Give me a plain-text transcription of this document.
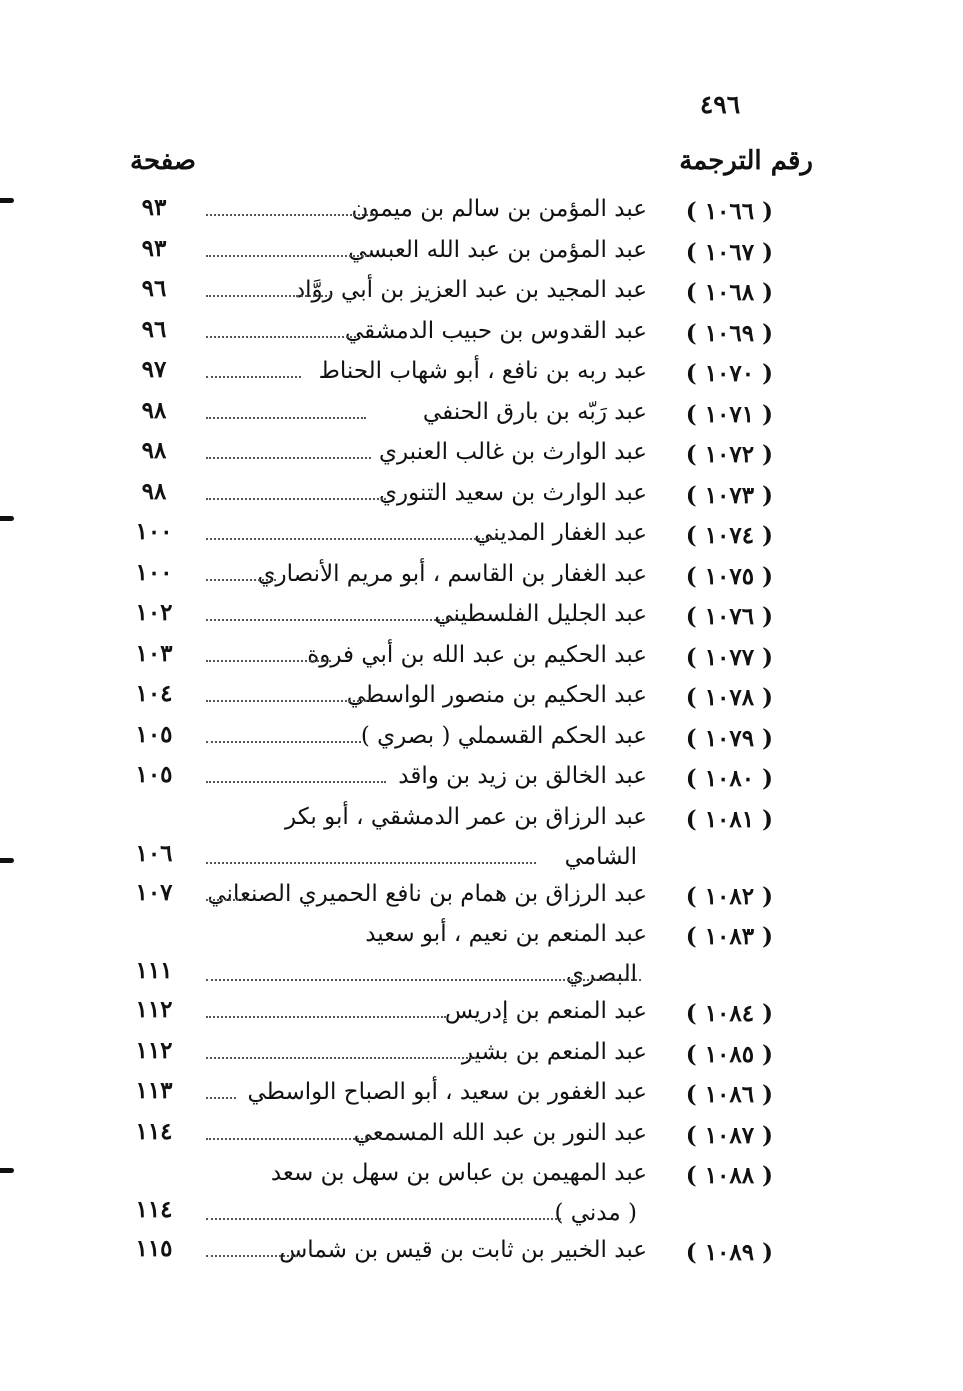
٤٩٦
رقم الترجمة
صفحة
( ١٠٦٦ )
عبد المؤمن بن سالم بن ميمون
٩٣
( ١٠٦٧ )
عبد المؤمن بن عبد الله العبسي
٩٣
( ١٠٦٨ )
عبد المجيد بن عبد العزيز بن أبي روَّاد
٩٦
( ١٠٦٩ )
عبد القدوس بن حبيب الدمشقي
٩٦
( ١٠٧٠ )
عبد ربه بن نافع ، أبو شهاب الحناط
٩٧
( ١٠٧١ )
عبد رَبّه بن بارق الحنفي
٩٨
( ١٠٧٢ )
عبد الوارث بن غالب العنبري
٩٨
( ١٠٧٣ )
عبد الوارث بن سعيد التنوري
٩٨
( ١٠٧٤ )
عبد الغفار المديني
١٠٠
( ١٠٧٥ )
عبد الغفار بن القاسم ، أبو مريم الأنصاري
١٠٠
( ١٠٧٦ )
عبد الجليل الفلسطيني
١٠٢
( ١٠٧٧ )
عبد الحكيم بن عبد الله بن أبي فروة
١٠٣
( ١٠٧٨ )
عبد الحكيم بن منصور الواسطي
١٠٤
( ١٠٧٩ )
عبد الحكم القسملي ( بصري )
١٠٥
( ١٠٨٠ )
عبد الخالق بن زيد بن واقد
١٠٥
( ١٠٨١ )
عبد الرزاق بن عمر الدمشقي ، أبو بكر
الشامي
١٠٦
( ١٠٨٢ )
عبد الرزاق بن همام بن نافع الحميري الصنعاني
١٠٧
( ١٠٨٣ )
عبد المنعم بن نعيم ، أبو سعيد
البصري
١١١
( ١٠٨٤ )
عبد المنعم بن إدريس
١١٢
( ١٠٨٥ )
عبد المنعم بن بشير
١١٢
( ١٠٨٦ )
عبد الغفور بن سعيد ، أبو الصباح الواسطي
١١٣
( ١٠٨٧ )
عبد النور بن عبد الله المسمعي
١١٤
( ١٠٨٨ )
عبد المهيمن بن عباس بن سهل بن سعد
( مدني )
١١٤
( ١٠٨٩ )
عبد الخبير بن ثابت بن قيس بن شماس
١١٥
